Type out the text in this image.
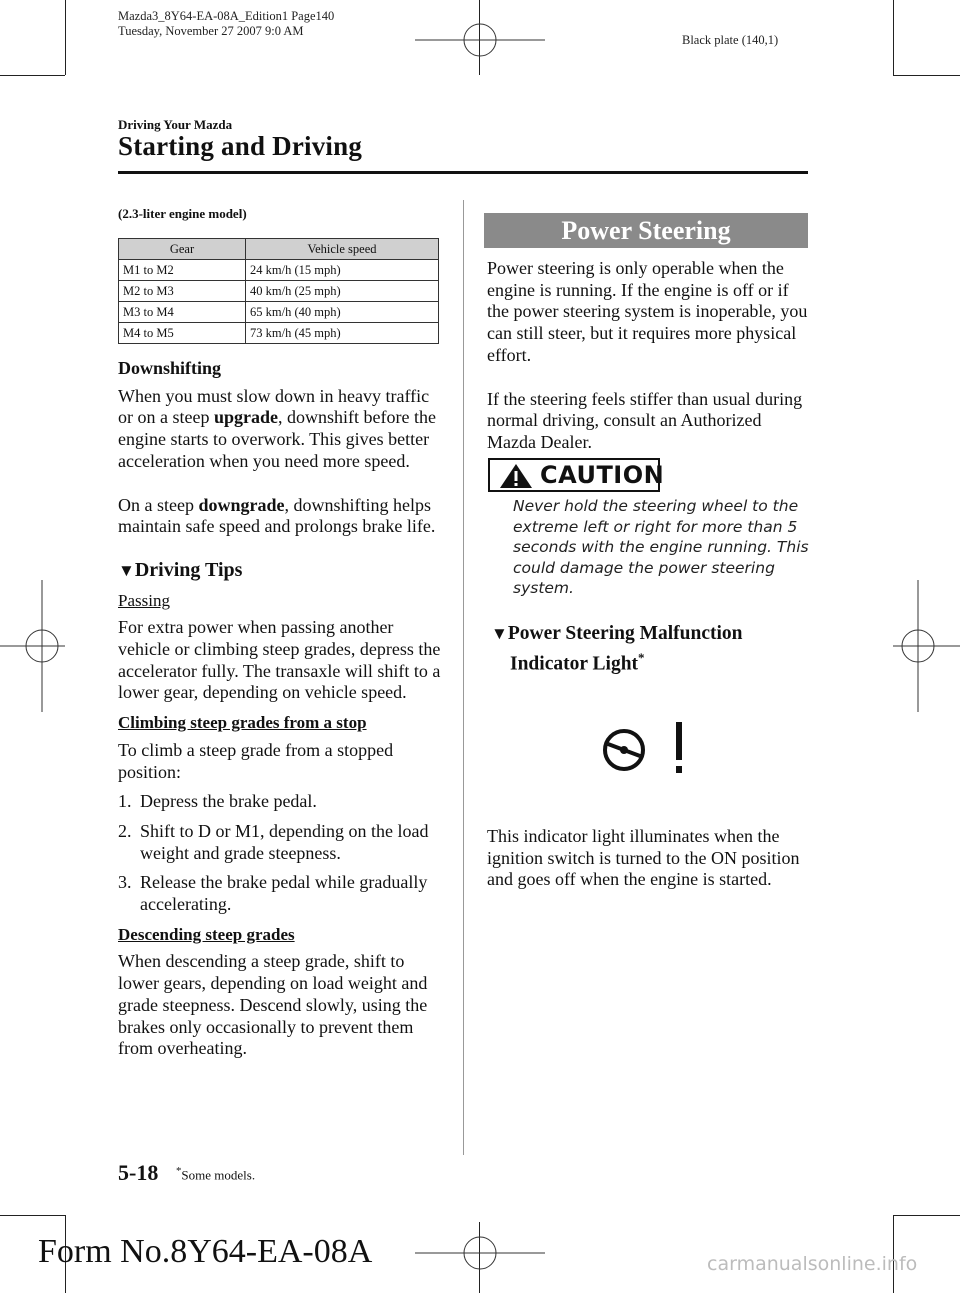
Mazda3_8Y64-EA-08A_Edition1 Page140
Tuesday, November 27 2007 9:0 AM
Black plate (140,1)
Driving Your Mazda
Starting and Driving
(2.3-liter engine model)
Gear	Vehicle speed
M1 to M2	24 km/h (15 mph)
M2 to M3	40 km/h (25 mph)
M3 to M4	65 km/h (40 mph)
M4 to M5	73 km/h (45 mph)
Downshifting

When you must slow down in heavy traffic or on a steep upgrade, downshift before the engine starts to overwork. This gives better acceleration when you need more speed.

On a steep downgrade, downshifting helps maintain safe speed and prolongs brake life.

▼Driving Tips
Passing

For extra power when passing another vehicle or climbing steep grades, depress the accelerator fully. The transaxle will shift to a lower gear, depending on vehicle speed.

Climbing steep grades from a stop

To climb a steep grade from a stopped position:

1. Depress the brake pedal.
2. Shift to D or M1, depending on the load weight and grade steepness.
3. Release the brake pedal while gradually accelerating.
Descending steep grades

When descending a steep grade, shift to lower gears, depending on load weight and grade steepness. Descend slowly, using the brakes only occasionally to prevent them from overheating.

Power Steering

Power steering is only operable when the engine is running. If the engine is off or if the power steering system is inoperable, you can still steer, but it requires more physical effort.

If the steering feels stiffer than usual during normal driving, consult an Authorized Mazda Dealer.

CAUTION
Never hold the steering wheel to the extreme left or right for more than 5 seconds with the engine running. This could damage the power steering system.
▼Power Steering Malfunction
Indicator Light*
This indicator light illuminates when the ignition switch is turned to the ON position and goes off when the engine is started.
5-18 *Some models.
Form No.8Y64-EA-08A	carmanualsonline.info
